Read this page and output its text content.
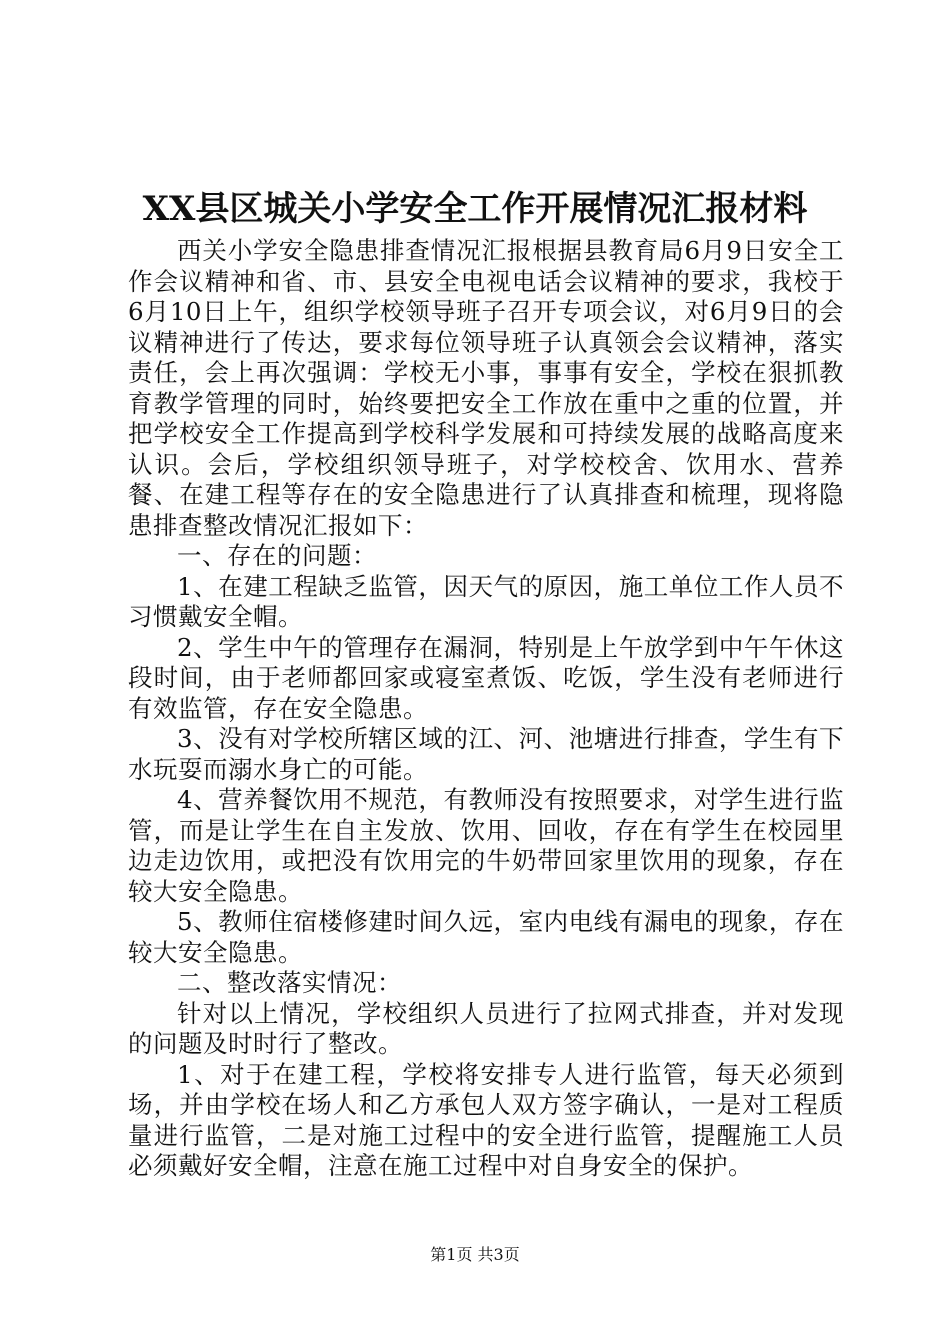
XX县区城关小学安全工作开展情况汇报材料

西关小学安全隐患排查情况汇报根据县教育局6月9日安全工作会议精神和省、市、县安全电视电话会议精神的要求，我校于6月10日上午，组织学校领导班子召开专项会议，对6月9日的会议精神进行了传达，要求每位领导班子认真领会会议精神，落实责任，会上再次强调：学校无小事，事事有安全，学校在狠抓教育教学管理的同时，始终要把安全工作放在重中之重的位置，并把学校安全工作提高到学校科学发展和可持续发展的战略高度来认识。会后，学校组织领导班子，对学校校舍、饮用水、营养餐、在建工程等存在的安全隐患进行了认真排查和梳理，现将隐患排查整改情况汇报如下：

一、存在的问题：

1、在建工程缺乏监管，因天气的原因，施工单位工作人员不习惯戴安全帽。

2、学生中午的管理存在漏洞，特别是上午放学到中午午休这段时间，由于老师都回家或寝室煮饭、吃饭，学生没有老师进行有效监管，存在安全隐患。

3、没有对学校所辖区域的江、河、池塘进行排查，学生有下水玩耍而溺水身亡的可能。

4、营养餐饮用不规范，有教师没有按照要求，对学生进行监管，而是让学生在自主发放、饮用、回收，存在有学生在校园里边走边饮用，或把没有饮用完的牛奶带回家里饮用的现象，存在较大安全隐患。

5、教师住宿楼修建时间久远，室内电线有漏电的现象，存在较大安全隐患。

二、整改落实情况：

针对以上情况，学校组织人员进行了拉网式排查，并对发现的问题及时时行了整改。

1、对于在建工程，学校将安排专人进行监管，每天必须到场，并由学校在场人和乙方承包人双方签字确认，一是对工程质量进行监管，二是对施工过程中的安全进行监管，提醒施工人员必须戴好安全帽，注意在施工过程中对自身安全的保护。

第1页 共3页
